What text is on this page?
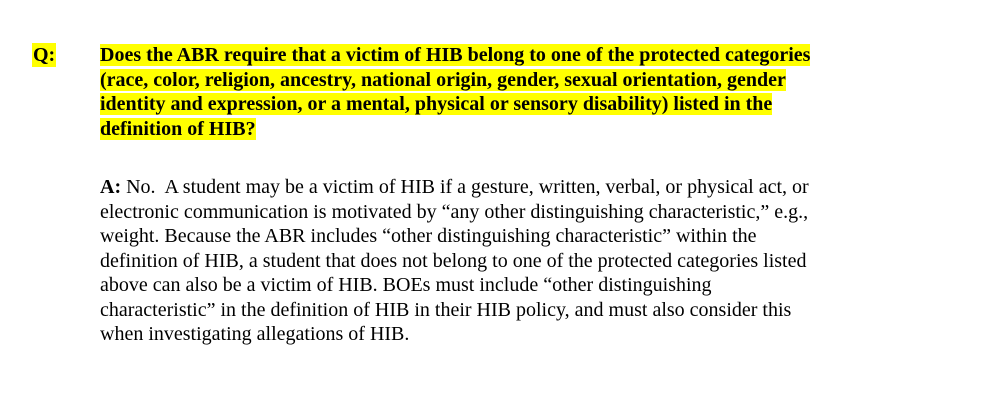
Q: Does the ABR require that a victim of HIB belong to one of the protected categories
(race, color, religion, ancestry, national origin, gender, sexual orientation, gender
identity and expression, or a mental, physical or sensory disability) listed in the
definition of HIB?
A: No.  A student may be a victim of HIB if a gesture, written, verbal, or physical act, or
electronic communication is motivated by “any other distinguishing characteristic,” e.g.,
weight. Because the ABR includes “other distinguishing characteristic” within the
definition of HIB, a student that does not belong to one of the protected categories listed
above can also be a victim of HIB. BOEs must include “other distinguishing
characteristic” in the definition of HIB in their HIB policy, and must also consider this
when investigating allegations of HIB.
